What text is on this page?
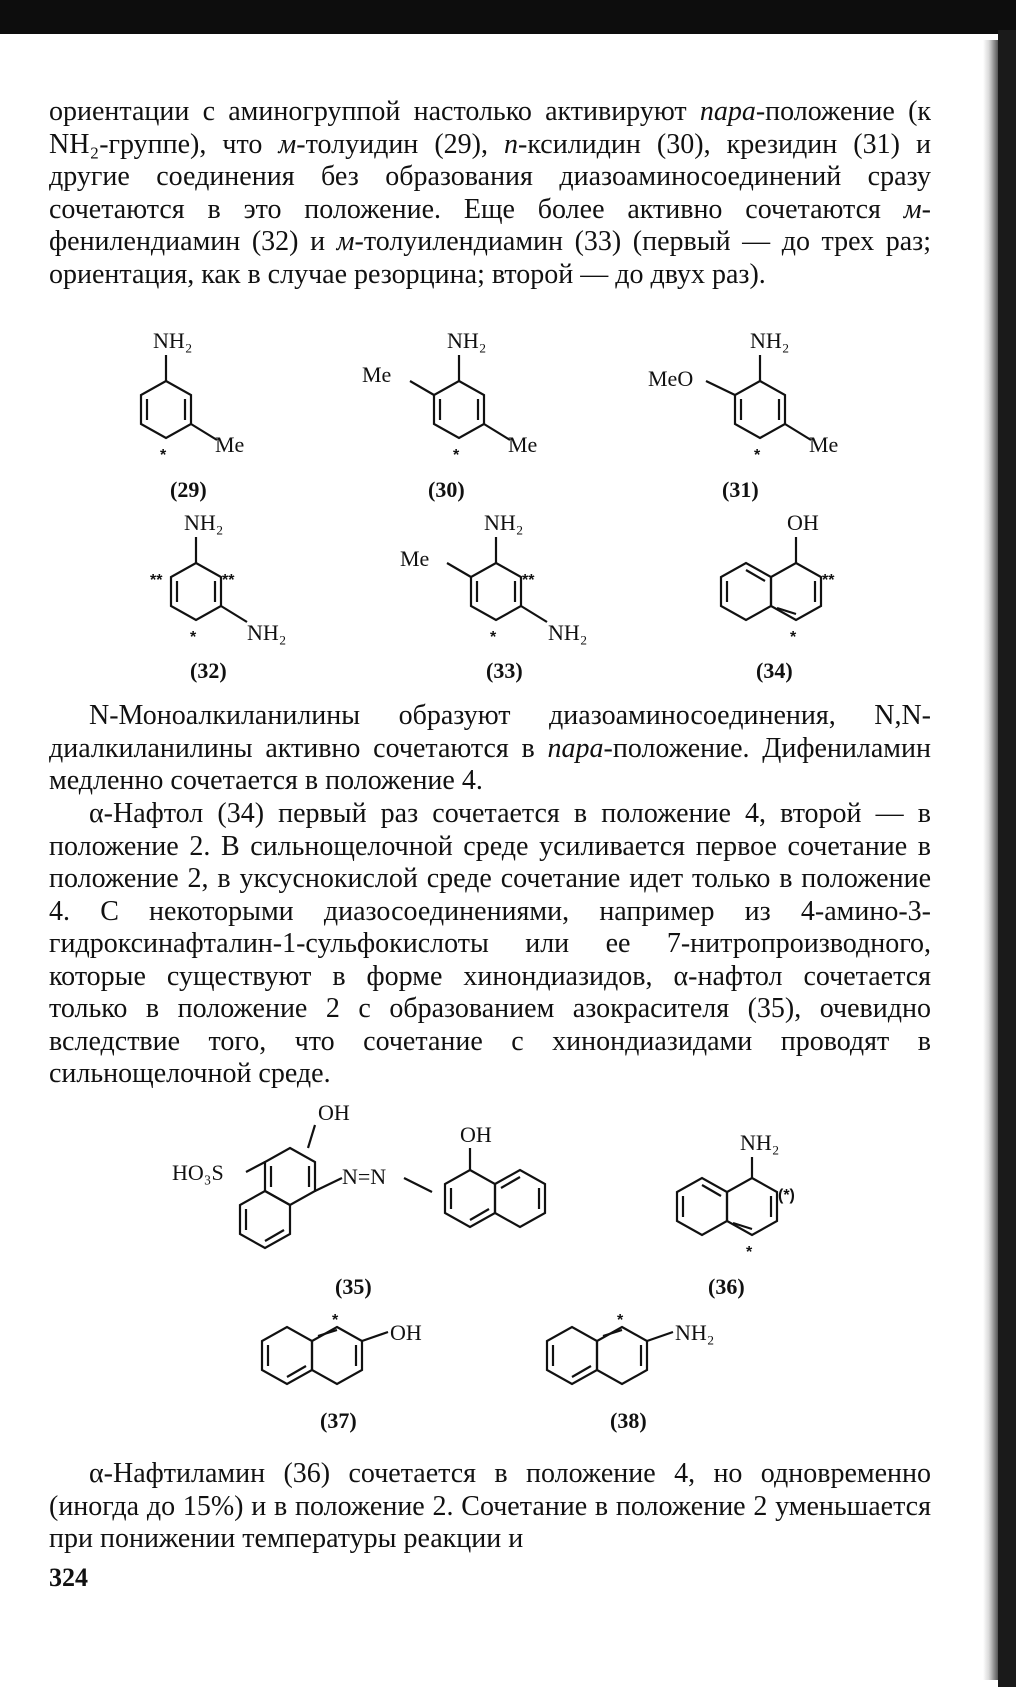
ориентации с аминогруппой настолько активируют пара-положение (к NH₂-группе), что м-толуидин (29), п-ксилидин (30), крезидин (31) и другие соединения без образования диазоаминосоединений сразу сочетаются в это положение. Еще более активно сочетаются м-фенилендиамин (32) и м-толуилендиамин (33) (первый — до трех раз; ориентация, как в случае резорцина; второй — до двух раз).

N-Моноалкиланилины образуют диазоаминосоединения, N,N-диалкиланилины активно сочетаются в пара-положение. Дифениламин медленно сочетается в положение 4.

α-Нафтол (34) первый раз сочетается в положение 4, второй — в положение 2. В сильнощелочной среде усиливается первое сочетание в положение 2, в уксуснокислой среде сочетание идет только в положение 4. С некоторыми диазосоединениями, например из 4-амино-3-гидроксинафталин-1-сульфокислоты или ее 7-нитропроизводного, которые существуют в форме хинондиазидов, α-нафтол сочетается только в положение 2 с образованием азокрасителя (35), очевидно вследствие того, что сочетание с хинондиазидами проводят в сильнощелочной среде.

α-Нафтиламин (36) сочетается в положение 4, но одновременно (иногда до 15%) и в положение 2. Сочетание в положение 2 уменьшается при понижении температуры реакции и

NH₂
Me
*
(29)
NH₂
Me
Me
*
(30)
NH₂
MeO
Me
*
(31)
NH₂
NH₂
**	**
*
(32)
NH₂
Me
NH₂
**
*
(33)
OH
**
*
(34)
OH
HO₃S	N=N
OH
(35)
NH₂
(*)
*
(36)
OH
*
(37)
NH₂
*
(38)
324
